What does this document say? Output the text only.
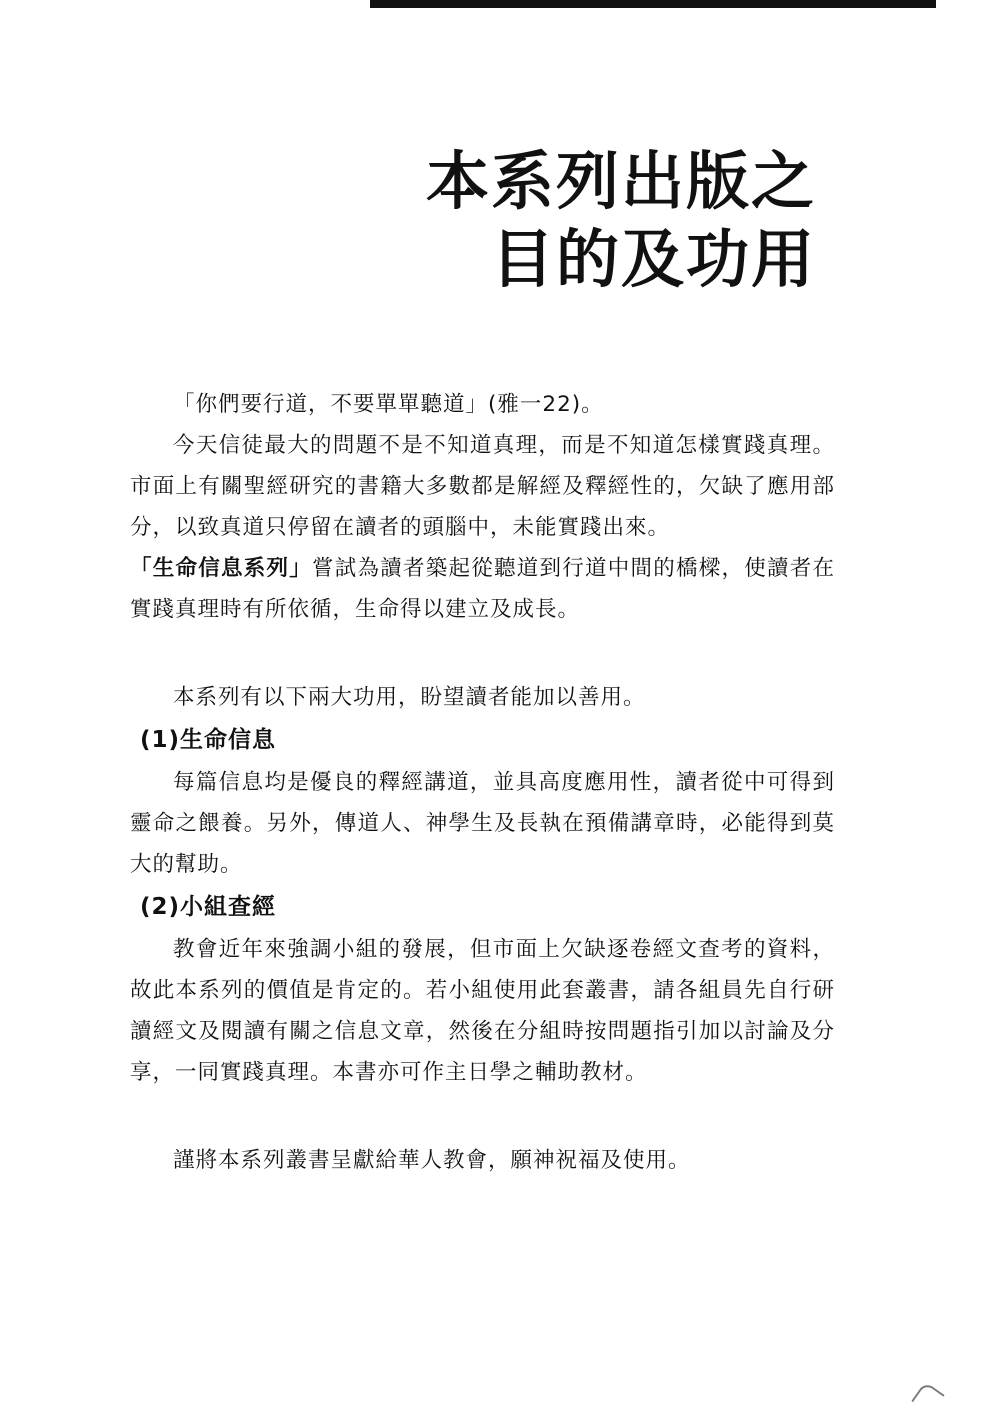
本系列出版之
目的及功用

「你們要行道，不要單單聽道」(雅一22)。

今天信徒最大的問題不是不知道真理，而是不知道怎樣實踐真理。市面上有關聖經研究的書籍大多數都是解經及釋經性的，欠缺了應用部分，以致真道只停留在讀者的頭腦中，未能實踐出來。

「生命信息系列」嘗試為讀者築起從聽道到行道中間的橋樑，使讀者在實踐真理時有所依循，生命得以建立及成長。

本系列有以下兩大功用，盼望讀者能加以善用。

(1)生命信息

每篇信息均是優良的釋經講道，並具高度應用性，讀者從中可得到靈命之餵養。另外，傳道人、神學生及長執在預備講章時，必能得到莫大的幫助。

(2)小組查經

教會近年來強調小組的發展，但市面上欠缺逐卷經文查考的資料，故此本系列的價值是肯定的。若小組使用此套叢書，請各組員先自行研讀經文及閱讀有關之信息文章，然後在分組時按問題指引加以討論及分享，一同實踐真理。本書亦可作主日學之輔助教材。

謹將本系列叢書呈獻給華人教會，願神祝福及使用。
